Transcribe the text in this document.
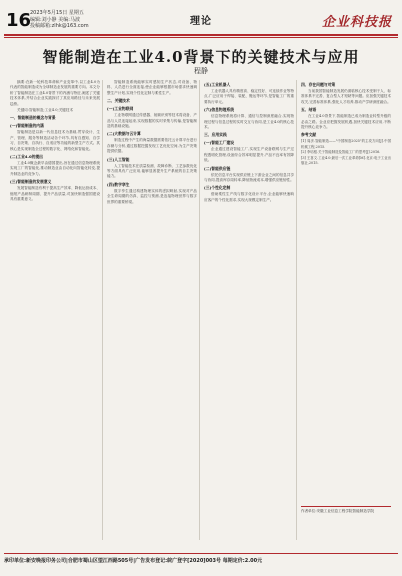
16
2023年5月15日 星期五
编辑:刘小静 美编:马波
投稿邮箱:zlhk@163.com	理论	企业科技报
智能制造在工业4.0背景下的关键技术与应用
程静

摘要:在新一轮科技革命和产业变革中,以工业4.0为代表的智能制造成为全球制造业发展的重要方向。本文分析了智能制造在工业4.0背景下的内涵与特征,阐述了关键技术体系,并结合企业实践探讨了其应用路径与未来发展趋势。

关键词:智能制造;工业4.0;关键技术

一、智能制造的概念与背景
(一)智能制造的内涵

智能制造是以新一代信息技术为基础,贯穿设计、生产、管理、服务等制造活动各个环节,具有自感知、自学习、自决策、自执行、自适应等功能的新型生产方式。其核心是实现制造全过程的数字化、网络化和智能化。

(二)工业4.0的提出

工业4.0概念最早由德国提出,旨在通过信息物理系统实现工厂的智能化,推动制造业由自动化向智能化转变,提升制造业的竞争力。

(三)智能制造的发展意义

发展智能制造有利于提高生产效率、降低运营成本、缩短产品研制周期、提升产品质量,对加快制造强国建设具有重要意义。

智能制造系统能够实时感知生产状态,对设备、物料、人员进行全面连接,使企业能够根据市场需求快速调整生产计划,实现个性化定制与柔性生产。

二、关键技术
(一)工业物联网

工业物联网通过传感器、射频识别等技术将设备、产品与人员连接起来,实现数据的实时采集与传输,是智能制造的基础设施。

(二)大数据与云计算

制造过程中产生的海量数据需要依托云计算平台进行存储与分析,通过数据挖掘发现工艺优化空间,为生产决策提供依据。

(三)人工智能

人工智能技术在质量检测、故障诊断、工艺参数优化等方面具有广泛应用,能够显著提升生产系统的自主决策能力。

(四)数字孪生

数字孪生通过构建物理实体的虚拟映射,实现对产品全生命周期的仿真、监控与预测,是连接物理世界与数字世界的重要桥梁。

(五)工业机器人

工业机器人具有精度高、稳定性好、可连续作业等特点,广泛应用于焊接、装配、搬运等环节,是智能工厂的重要执行单元。

(六)信息物理系统

信息物理系统将计算、通信与控制深度融合,实现物理过程与信息过程的实时交互与协同,是工业4.0的核心技术。

三、应用实践
(一)智能工厂建设

企业通过建设智能工厂,实现生产设备联网与生产过程透明化管理,设备综合效率明显提升,产品不良率有效降低。

(二)智能供应链

依托信息平台实现供应链上下游企业之间的信息共享与协同,提高库存周转率,降低物流成本,增强供应链韧性。

(三)个性化定制

借助柔性生产线与数字化设计平台,企业能够快速响应客户的个性化需求,实现大规模定制生产。

四、存在问题与对策

当前我国智能制造发展仍面临核心技术受制于人、标准体系不完善、复合型人才短缺等问题。应加强关键技术攻关,完善标准体系,强化人才培养,推动产学研深度融合。

五、结语

在工业4.0背景下,智能制造已成为制造业转型升级的必由之路。企业应把握发展机遇,加快关键技术应用,不断提升核心竞争力。

参考文献

[1] 周济.智能制造——"中国制造2025"的主攻方向[J].中国机械工程,2015.
[2] 李培根.关于智能制造及智能工厂的思考[J].2016.
[3] 王喜文.工业4.0:最后一次工业革命[M].北京:电子工业出版社,2015.

作者单位:安徽工业信息工程学院智能制造学院
承印单位:新安晚报印务公司|合肥市蜀山区望江西路505号|广告发布登记:皖广登字[2020]003号 每期定价:2.00元
